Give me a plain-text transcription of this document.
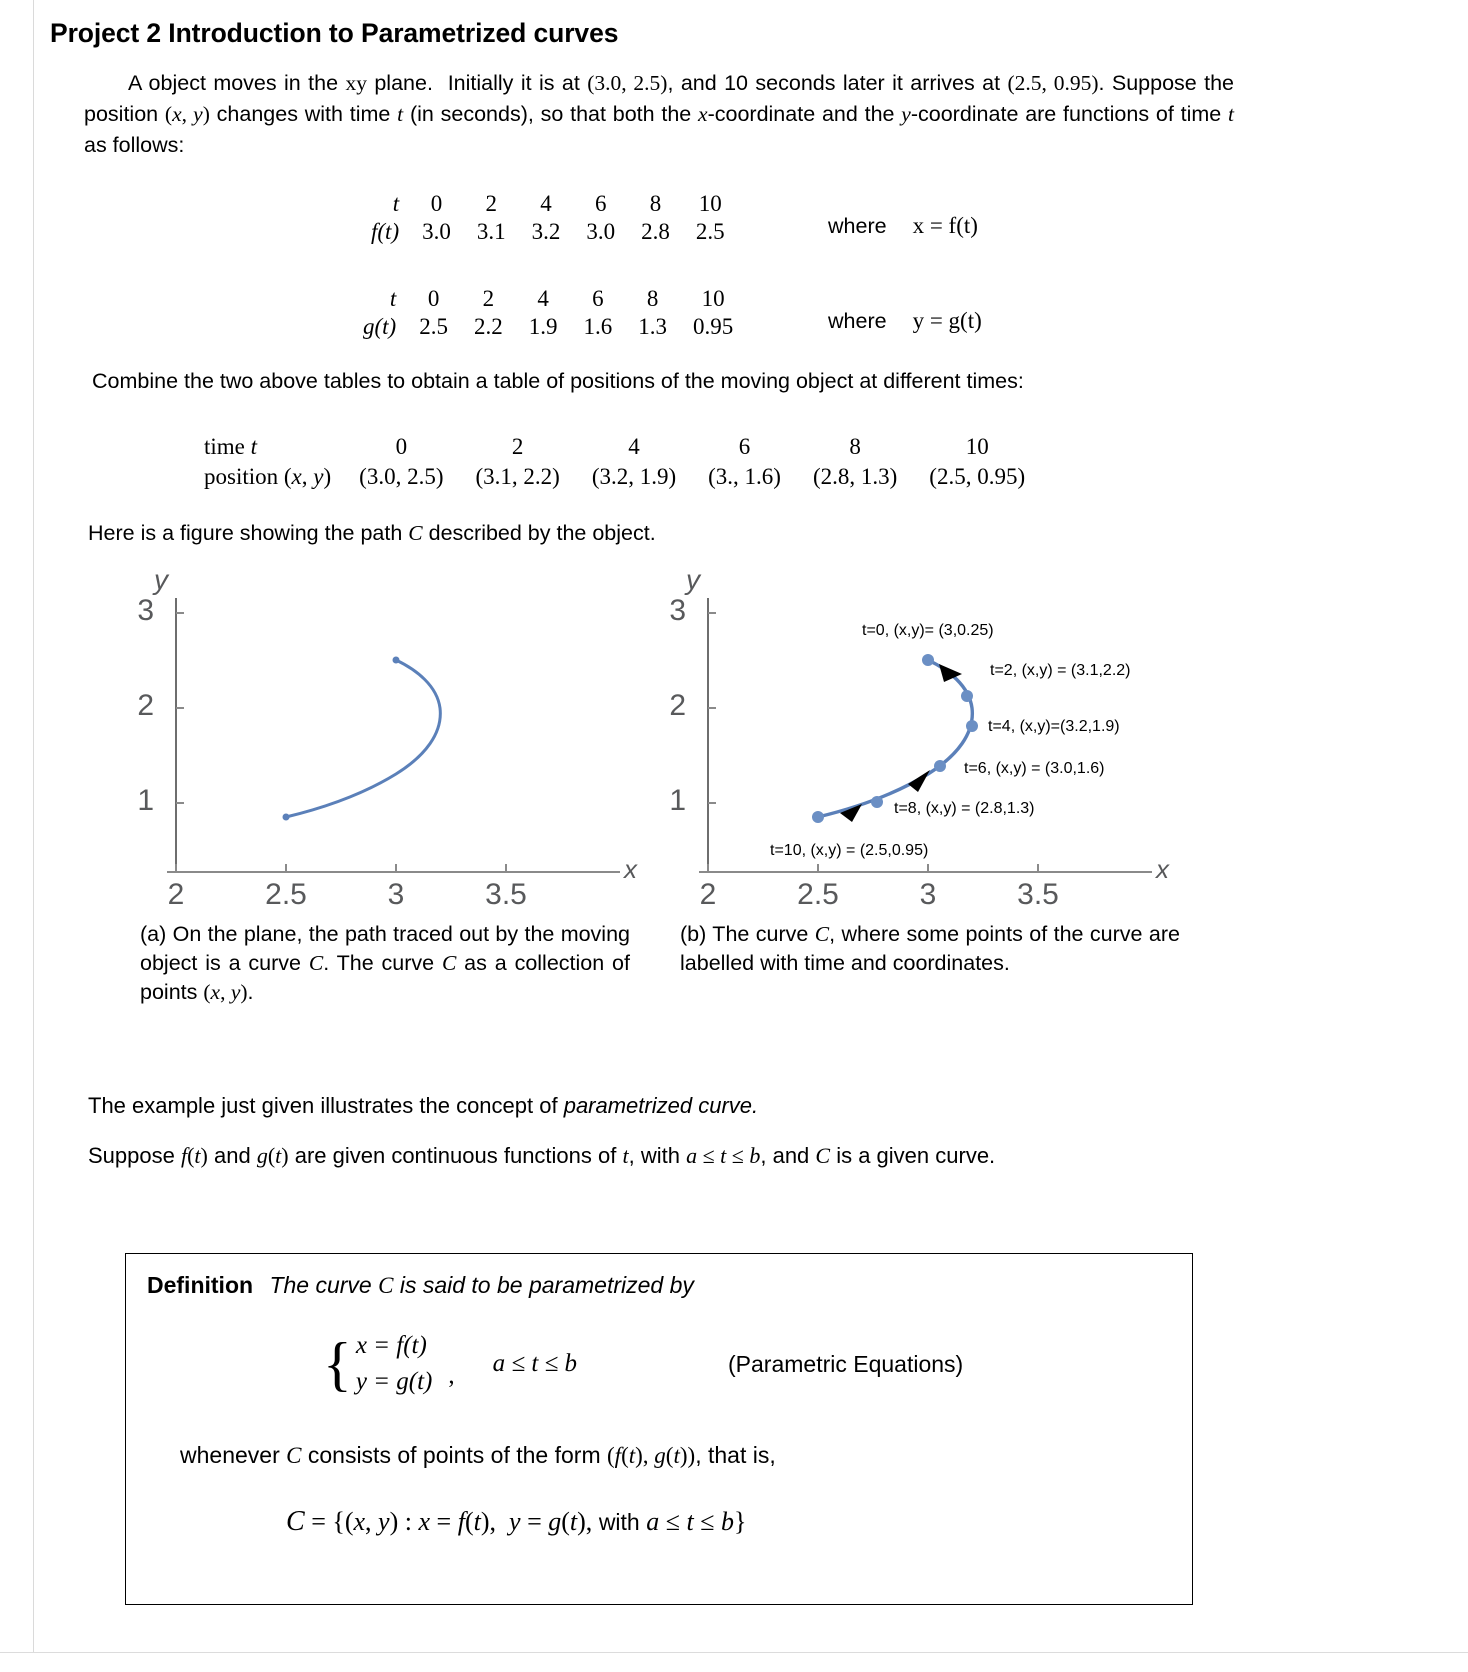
Project 2 Introduction to Parametrized curves
A object moves in the xy plane.  Initially it is at (3.0, 2.5), and 10 seconds later it arrives at (2.5, 0.95). Suppose the position (x, y) changes with time t (in seconds), so that both the x-coordinate and the y-coordinate are functions of time t as follows:
t	0	2	4	6	8	10
f(t)	3.0	3.1	3.2	3.0	2.8	2.5	where x = f(t)
t	0	2	4	6	8	10
g(t)	2.5	2.2	1.9	1.6	1.3	0.95	where y = g(t)
Combine the two above tables to obtain a table of positions of the moving object at different times:
time t	0	2	4	6	8	10
position (x, y)	(3.0, 2.5)	(3.1, 2.2)	(3.2, 1.9)	(3., 1.6)	(2.8, 1.3)	(2.5, 0.95)
Here is a figure showing the path C described by the object.
y
x
3
2
1
2	2.5	3	3.5
(a) On the plane, the path traced out by the moving object is a curve C. The curve C as a collection of points (x, y).
y
x
3
2
1
2	2.5	3	3.5
t=0, (x,y)= (3,0.25)
t=2, (x,y) = (3.1,2.2)
t=4, (x,y)=(3.2,1.9)
t=6, (x,y) = (3.0,1.6)
t=8, (x,y) = (2.8,1.3)
t=10, (x,y) = (2.5,0.95)
(b) The curve C, where some points of the curve are labelled with time and coordinates.
The example just given illustrates the concept of parametrized curve.
Suppose f(t) and g(t) are given continuous functions of t, with a ≤ t ≤ b, and C is a given curve.
Definition The curve C is said to be parametrized by
{	x = f(t)	,	a ≤ t ≤ b	(Parametric Equations)
y = g(t)
whenever C consists of points of the form (f(t), g(t)), that is,
C = {(x, y) : x = f(t),  y = g(t), with a ≤ t ≤ b}
